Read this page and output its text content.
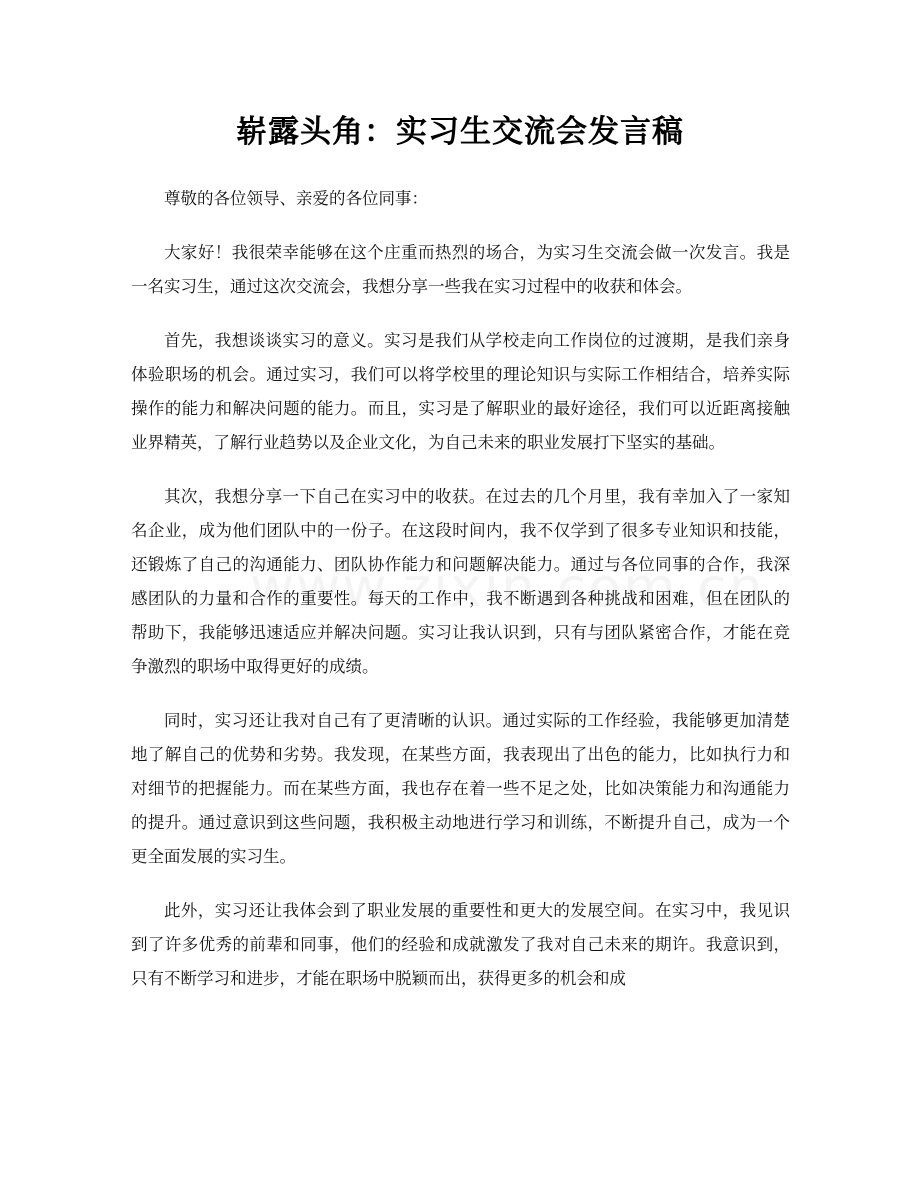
崭露头角：实习生交流会发言稿

尊敬的各位领导、亲爱的各位同事：

大家好！我很荣幸能够在这个庄重而热烈的场合，为实习生交流会做一次发言。我是一名实习生，通过这次交流会，我想分享一些我在实习过程中的收获和体会。

首先，我想谈谈实习的意义。实习是我们从学校走向工作岗位的过渡期，是我们亲身体验职场的机会。通过实习，我们可以将学校里的理论知识与实际工作相结合，培养实际操作的能力和解决问题的能力。而且，实习是了解职业的最好途径，我们可以近距离接触业界精英，了解行业趋势以及企业文化，为自己未来的职业发展打下坚实的基础。

其次，我想分享一下自己在实习中的收获。在过去的几个月里，我有幸加入了一家知名企业，成为他们团队中的一份子。在这段时间内，我不仅学到了很多专业知识和技能，还锻炼了自己的沟通能力、团队协作能力和问题解决能力。通过与各位同事的合作，我深感团队的力量和合作的重要性。每天的工作中，我不断遇到各种挑战和困难，但在团队的帮助下，我能够迅速适应并解决问题。实习让我认识到，只有与团队紧密合作，才能在竞争激烈的职场中取得更好的成绩。

同时，实习还让我对自己有了更清晰的认识。通过实际的工作经验，我能够更加清楚地了解自己的优势和劣势。我发现，在某些方面，我表现出了出色的能力，比如执行力和对细节的把握能力。而在某些方面，我也存在着一些不足之处，比如决策能力和沟通能力的提升。通过意识到这些问题，我积极主动地进行学习和训练，不断提升自己，成为一个更全面发展的实习生。

此外，实习还让我体会到了职业发展的重要性和更大的发展空间。在实习中，我见识到了许多优秀的前辈和同事，他们的经验和成就激发了我对自己未来的期许。我意识到，只有不断学习和进步，才能在职场中脱颖而出，获得更多的机会和成
